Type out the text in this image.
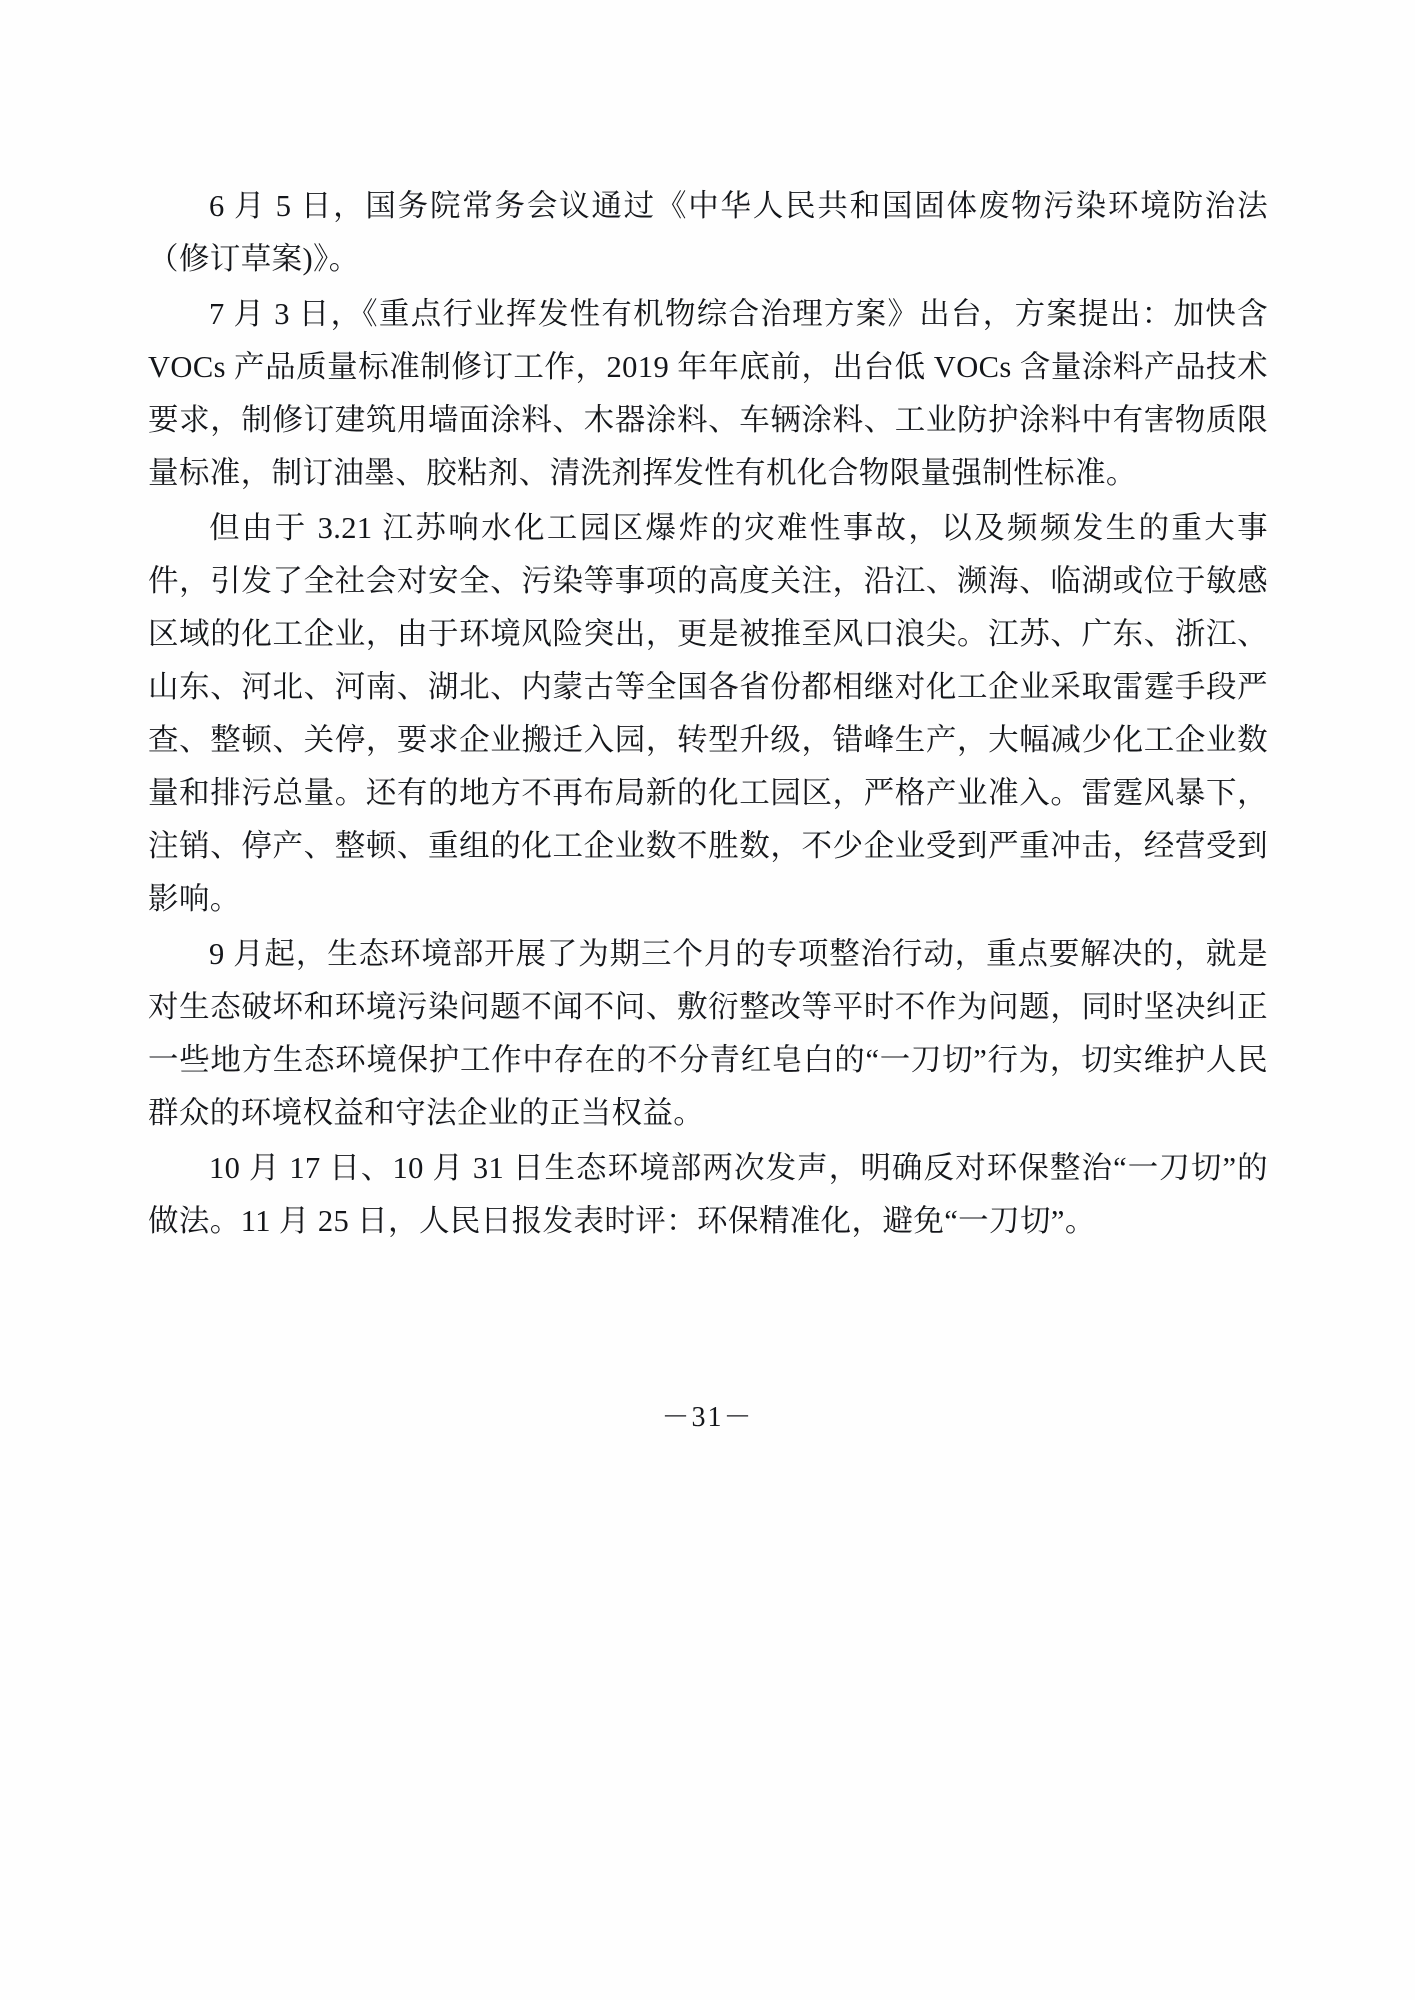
6 月 5 日，国务院常务会议通过《中华人民共和国固体废物污染环境防治法（修订草案)》。

7 月 3 日，《重点行业挥发性有机物综合治理方案》出台，方案提出：加快含 VOCs 产品质量标准制修订工作，2019 年年底前，出台低 VOCs 含量涂料产品技术要求，制修订建筑用墙面涂料、木器涂料、车辆涂料、工业防护涂料中有害物质限量标准，制订油墨、胶粘剂、清洗剂挥发性有机化合物限量强制性标准。

但由于 3.21 江苏响水化工园区爆炸的灾难性事故，以及频频发生的重大事件，引发了全社会对安全、污染等事项的高度关注，沿江、濒海、临湖或位于敏感区域的化工企业，由于环境风险突出，更是被推至风口浪尖。江苏、广东、浙江、山东、河北、河南、湖北、内蒙古等全国各省份都相继对化工企业采取雷霆手段严查、整顿、关停，要求企业搬迁入园，转型升级，错峰生产，大幅减少化工企业数量和排污总量。还有的地方不再布局新的化工园区，严格产业准入。雷霆风暴下，注销、停产、整顿、重组的化工企业数不胜数，不少企业受到严重冲击，经营受到影响。

9 月起，生态环境部开展了为期三个月的专项整治行动，重点要解决的，就是对生态破坏和环境污染问题不闻不问、敷衍整改等平时不作为问题，同时坚决纠正一些地方生态环境保护工作中存在的不分青红皂白的“一刀切”行为，切实维护人民群众的环境权益和守法企业的正当权益。

10 月 17 日、10 月 31 日生态环境部两次发声，明确反对环保整治“一刀切”的做法。11 月 25 日，人民日报发表时评：环保精准化，避免“一刀切”。

－31－
